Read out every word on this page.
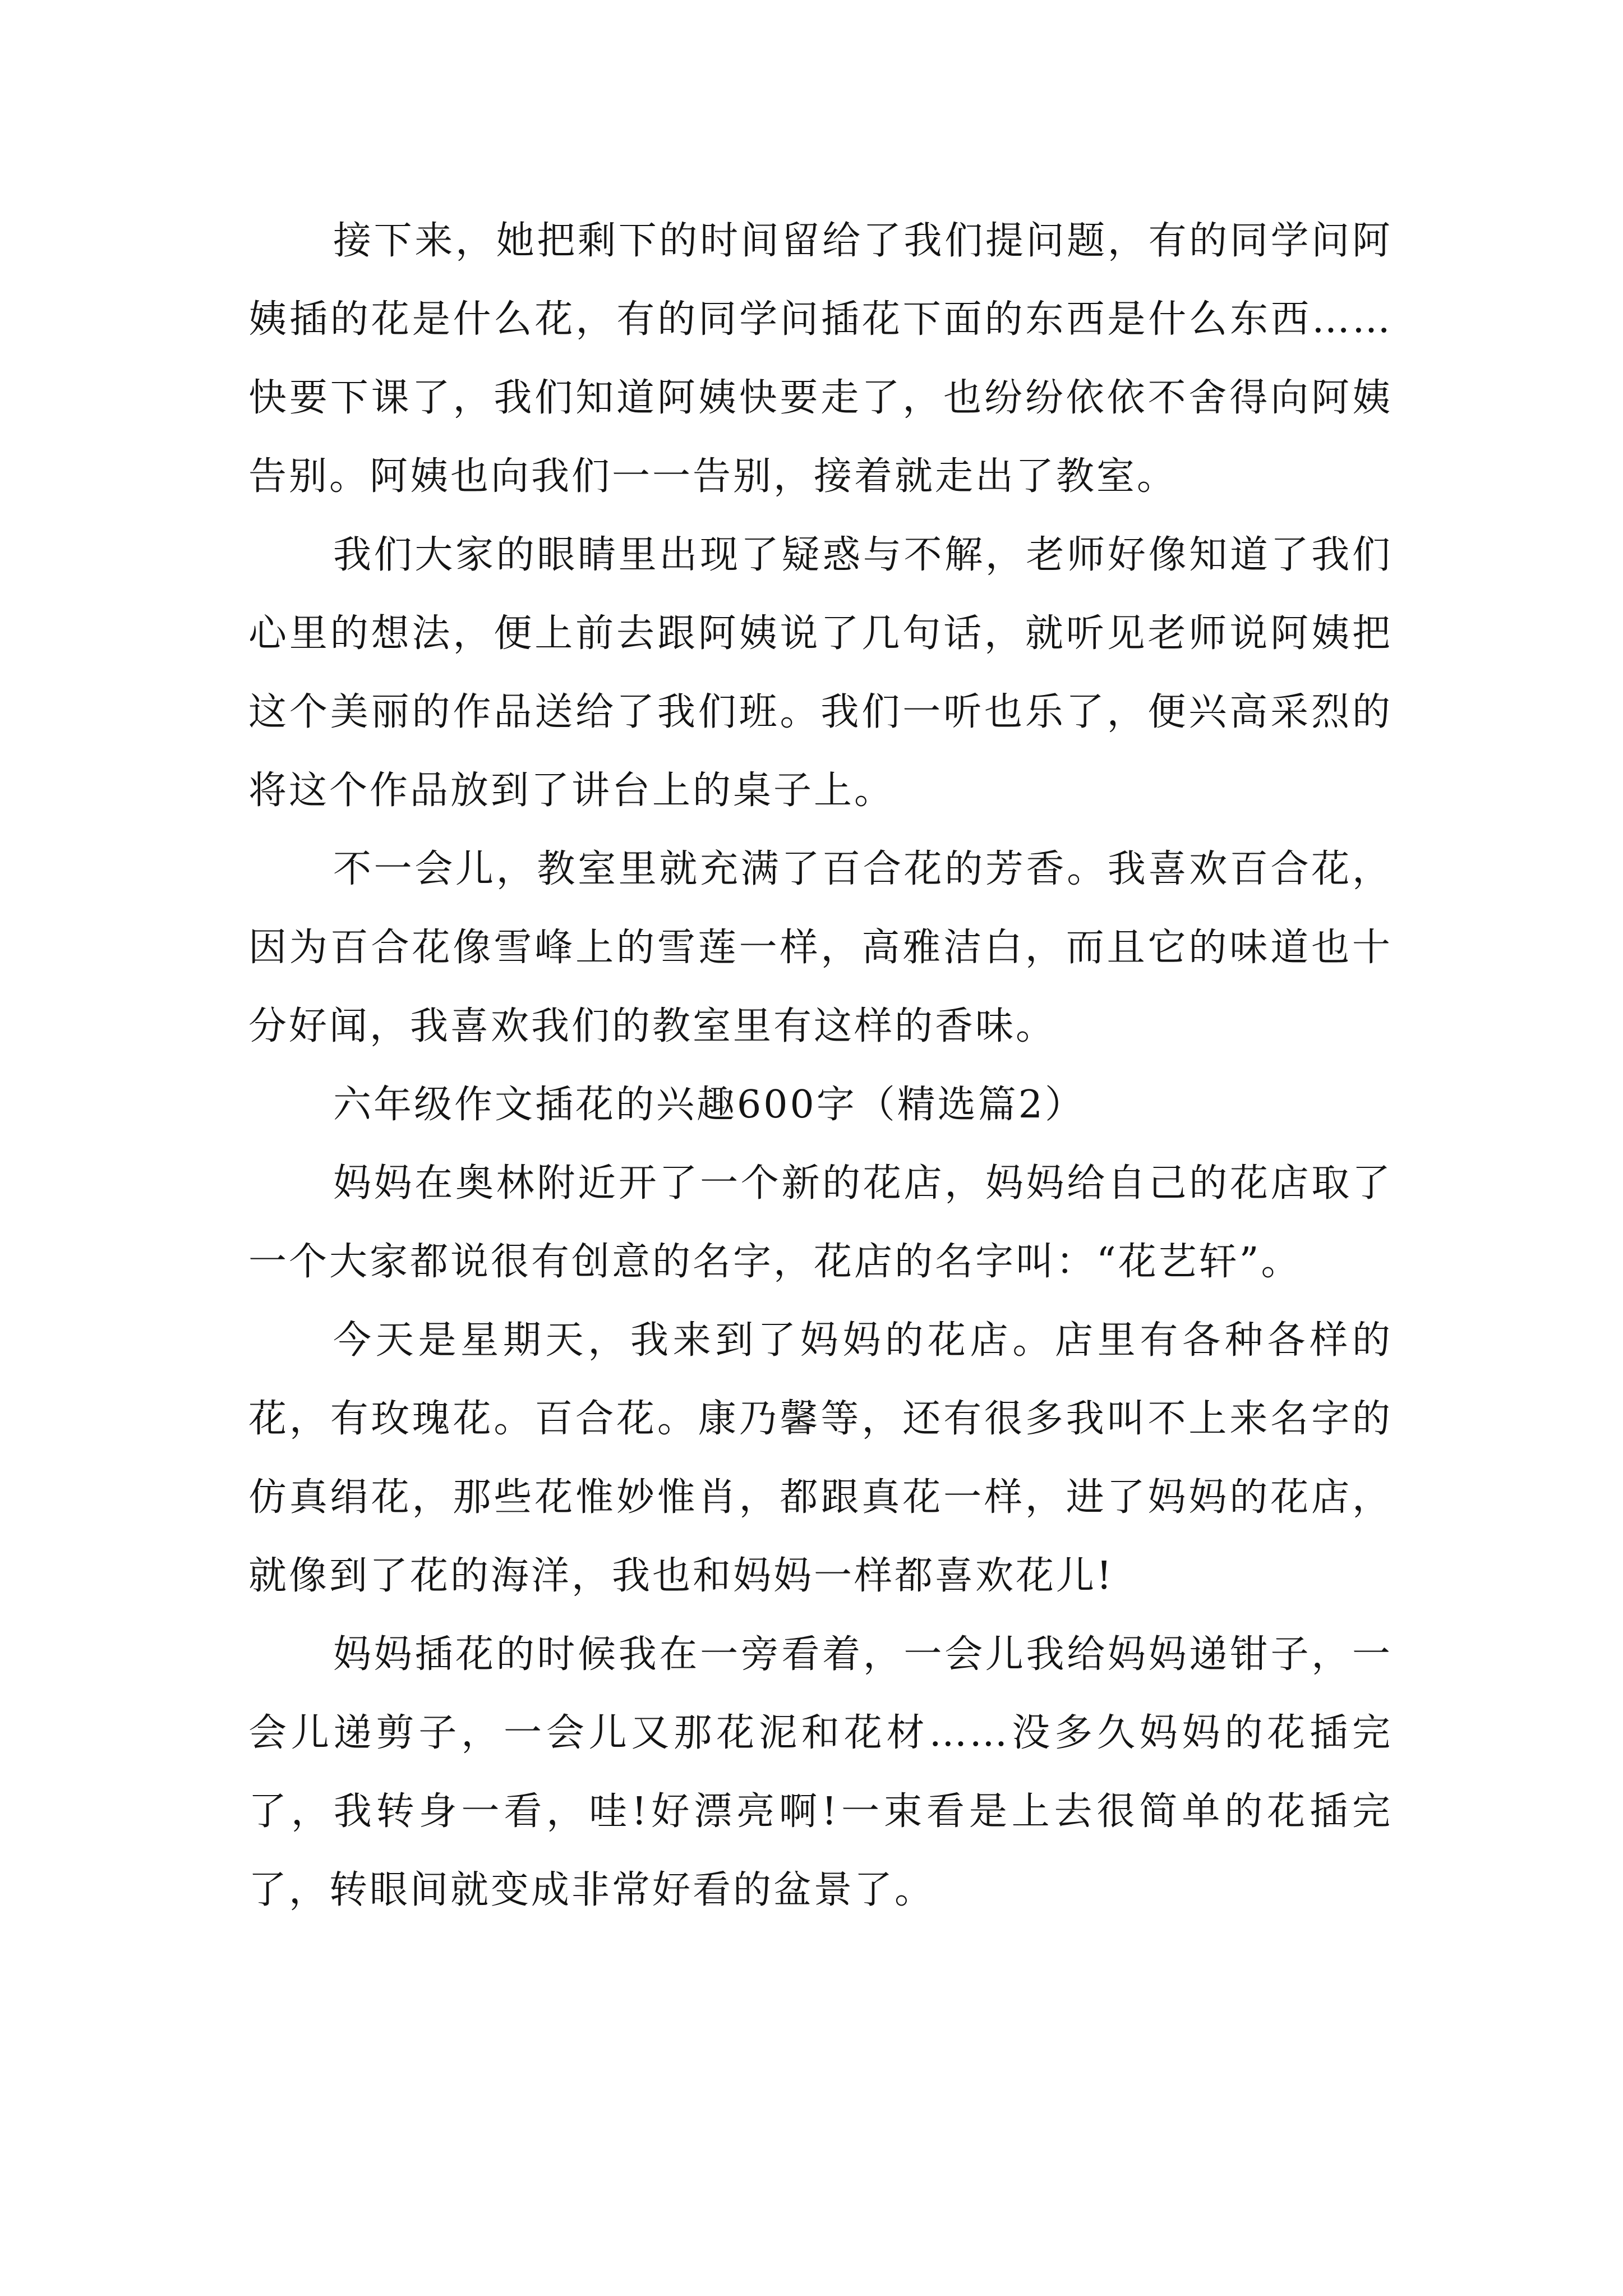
接下来，她把剩下的时间留给了我们提问题，有的同学问阿姨插的花是什么花，有的同学问插花下面的东西是什么东西……快要下课了，我们知道阿姨快要走了，也纷纷依依不舍得向阿姨告别。阿姨也向我们一一告别，接着就走出了教室。

我们大家的眼睛里出现了疑惑与不解，老师好像知道了我们心里的想法，便上前去跟阿姨说了几句话，就听见老师说阿姨把这个美丽的作品送给了我们班。我们一听也乐了，便兴高采烈的将这个作品放到了讲台上的桌子上。

不一会儿，教室里就充满了百合花的芳香。我喜欢百合花，因为百合花像雪峰上的雪莲一样，高雅洁白，而且它的味道也十分好闻，我喜欢我们的教室里有这样的香味。

六年级作文插花的兴趣600字（精选篇2）

妈妈在奥林附近开了一个新的花店，妈妈给自己的花店取了一个大家都说很有创意的名字，花店的名字叫：“花艺轩”。

今天是星期天，我来到了妈妈的花店。店里有各种各样的花，有玫瑰花。百合花。康乃馨等，还有很多我叫不上来名字的仿真绢花，那些花惟妙惟肖，都跟真花一样，进了妈妈的花店，就像到了花的海洋，我也和妈妈一样都喜欢花儿!

妈妈插花的时候我在一旁看着，一会儿我给妈妈递钳子，一会儿递剪子，一会儿又那花泥和花材……没多久妈妈的花插完了，我转身一看，哇!好漂亮啊!一束看是上去很简单的花插完了，转眼间就变成非常好看的盆景了。
